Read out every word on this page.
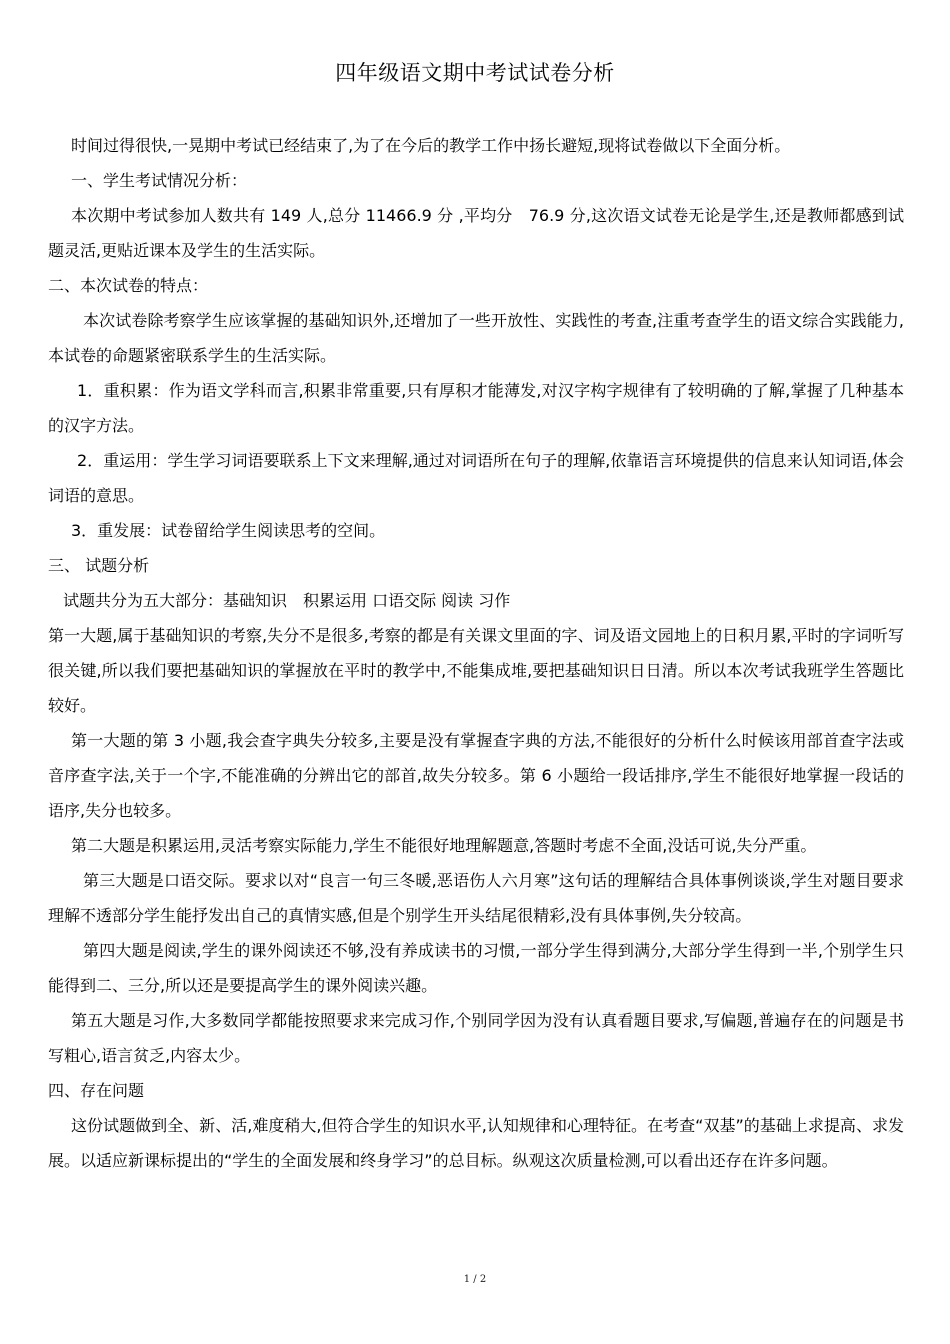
四年级语文期中考试试卷分析

时间过得很快,一晃期中考试已经结束了,为了在今后的教学工作中扬长避短,现将试卷做以下全面分析。

一、学生考试情况分析：

本次期中考试参加人数共有 149 人,总分 11466.9 分 ,平均分　76.9 分,这次语文试卷无论是学生,还是教师都感到试题灵活,更贴近课本及学生的生活实际。

二、本次试卷的特点：

本次试卷除考察学生应该掌握的基础知识外,还增加了一些开放性、实践性的考查,注重考查学生的语文综合实践能力,本试卷的命题紧密联系学生的生活实际。

1．重积累：作为语文学科而言,积累非常重要,只有厚积才能薄发,对汉字构字规律有了较明确的了解,掌握了几种基本的汉字方法。

2．重运用：学生学习词语要联系上下文来理解,通过对词语所在句子的理解,依靠语言环境提供的信息来认知词语,体会词语的意思。

3．重发展：试卷留给学生阅读思考的空间。

三、 试题分析

试题共分为五大部分：基础知识　积累运用 口语交际 阅读 习作

第一大题,属于基础知识的考察,失分不是很多,考察的都是有关课文里面的字、词及语文园地上的日积月累,平时的字词听写很关键,所以我们要把基础知识的掌握放在平时的教学中,不能集成堆,要把基础知识日日清。所以本次考试我班学生答题比较好。

第一大题的第 3 小题,我会查字典失分较多,主要是没有掌握查字典的方法,不能很好的分析什么时候该用部首查字法或音序查字法,关于一个字,不能准确的分辨出它的部首,故失分较多。第 6 小题给一段话排序,学生不能很好地掌握一段话的语序,失分也较多。

第二大题是积累运用,灵活考察实际能力,学生不能很好地理解题意,答题时考虑不全面,没话可说,失分严重。

第三大题是口语交际。要求以对“良言一句三冬暖,恶语伤人六月寒”这句话的理解结合具体事例谈谈,学生对题目要求理解不透部分学生能抒发出自己的真情实感,但是个别学生开头结尾很精彩,没有具体事例,失分较高。

第四大题是阅读,学生的课外阅读还不够,没有养成读书的习惯,一部分学生得到满分,大部分学生得到一半,个别学生只能得到二、三分,所以还是要提高学生的课外阅读兴趣。

第五大题是习作,大多数同学都能按照要求来完成习作,个别同学因为没有认真看题目要求,写偏题,普遍存在的问题是书写粗心,语言贫乏,内容太少。

四、存在问题

这份试题做到全、新、活,难度稍大,但符合学生的知识水平,认知规律和心理特征。在考查“双基”的基础上求提高、求发展。以适应新课标提出的“学生的全面发展和终身学习”的总目标。纵观这次质量检测,可以看出还存在许多问题。

1 / 2
